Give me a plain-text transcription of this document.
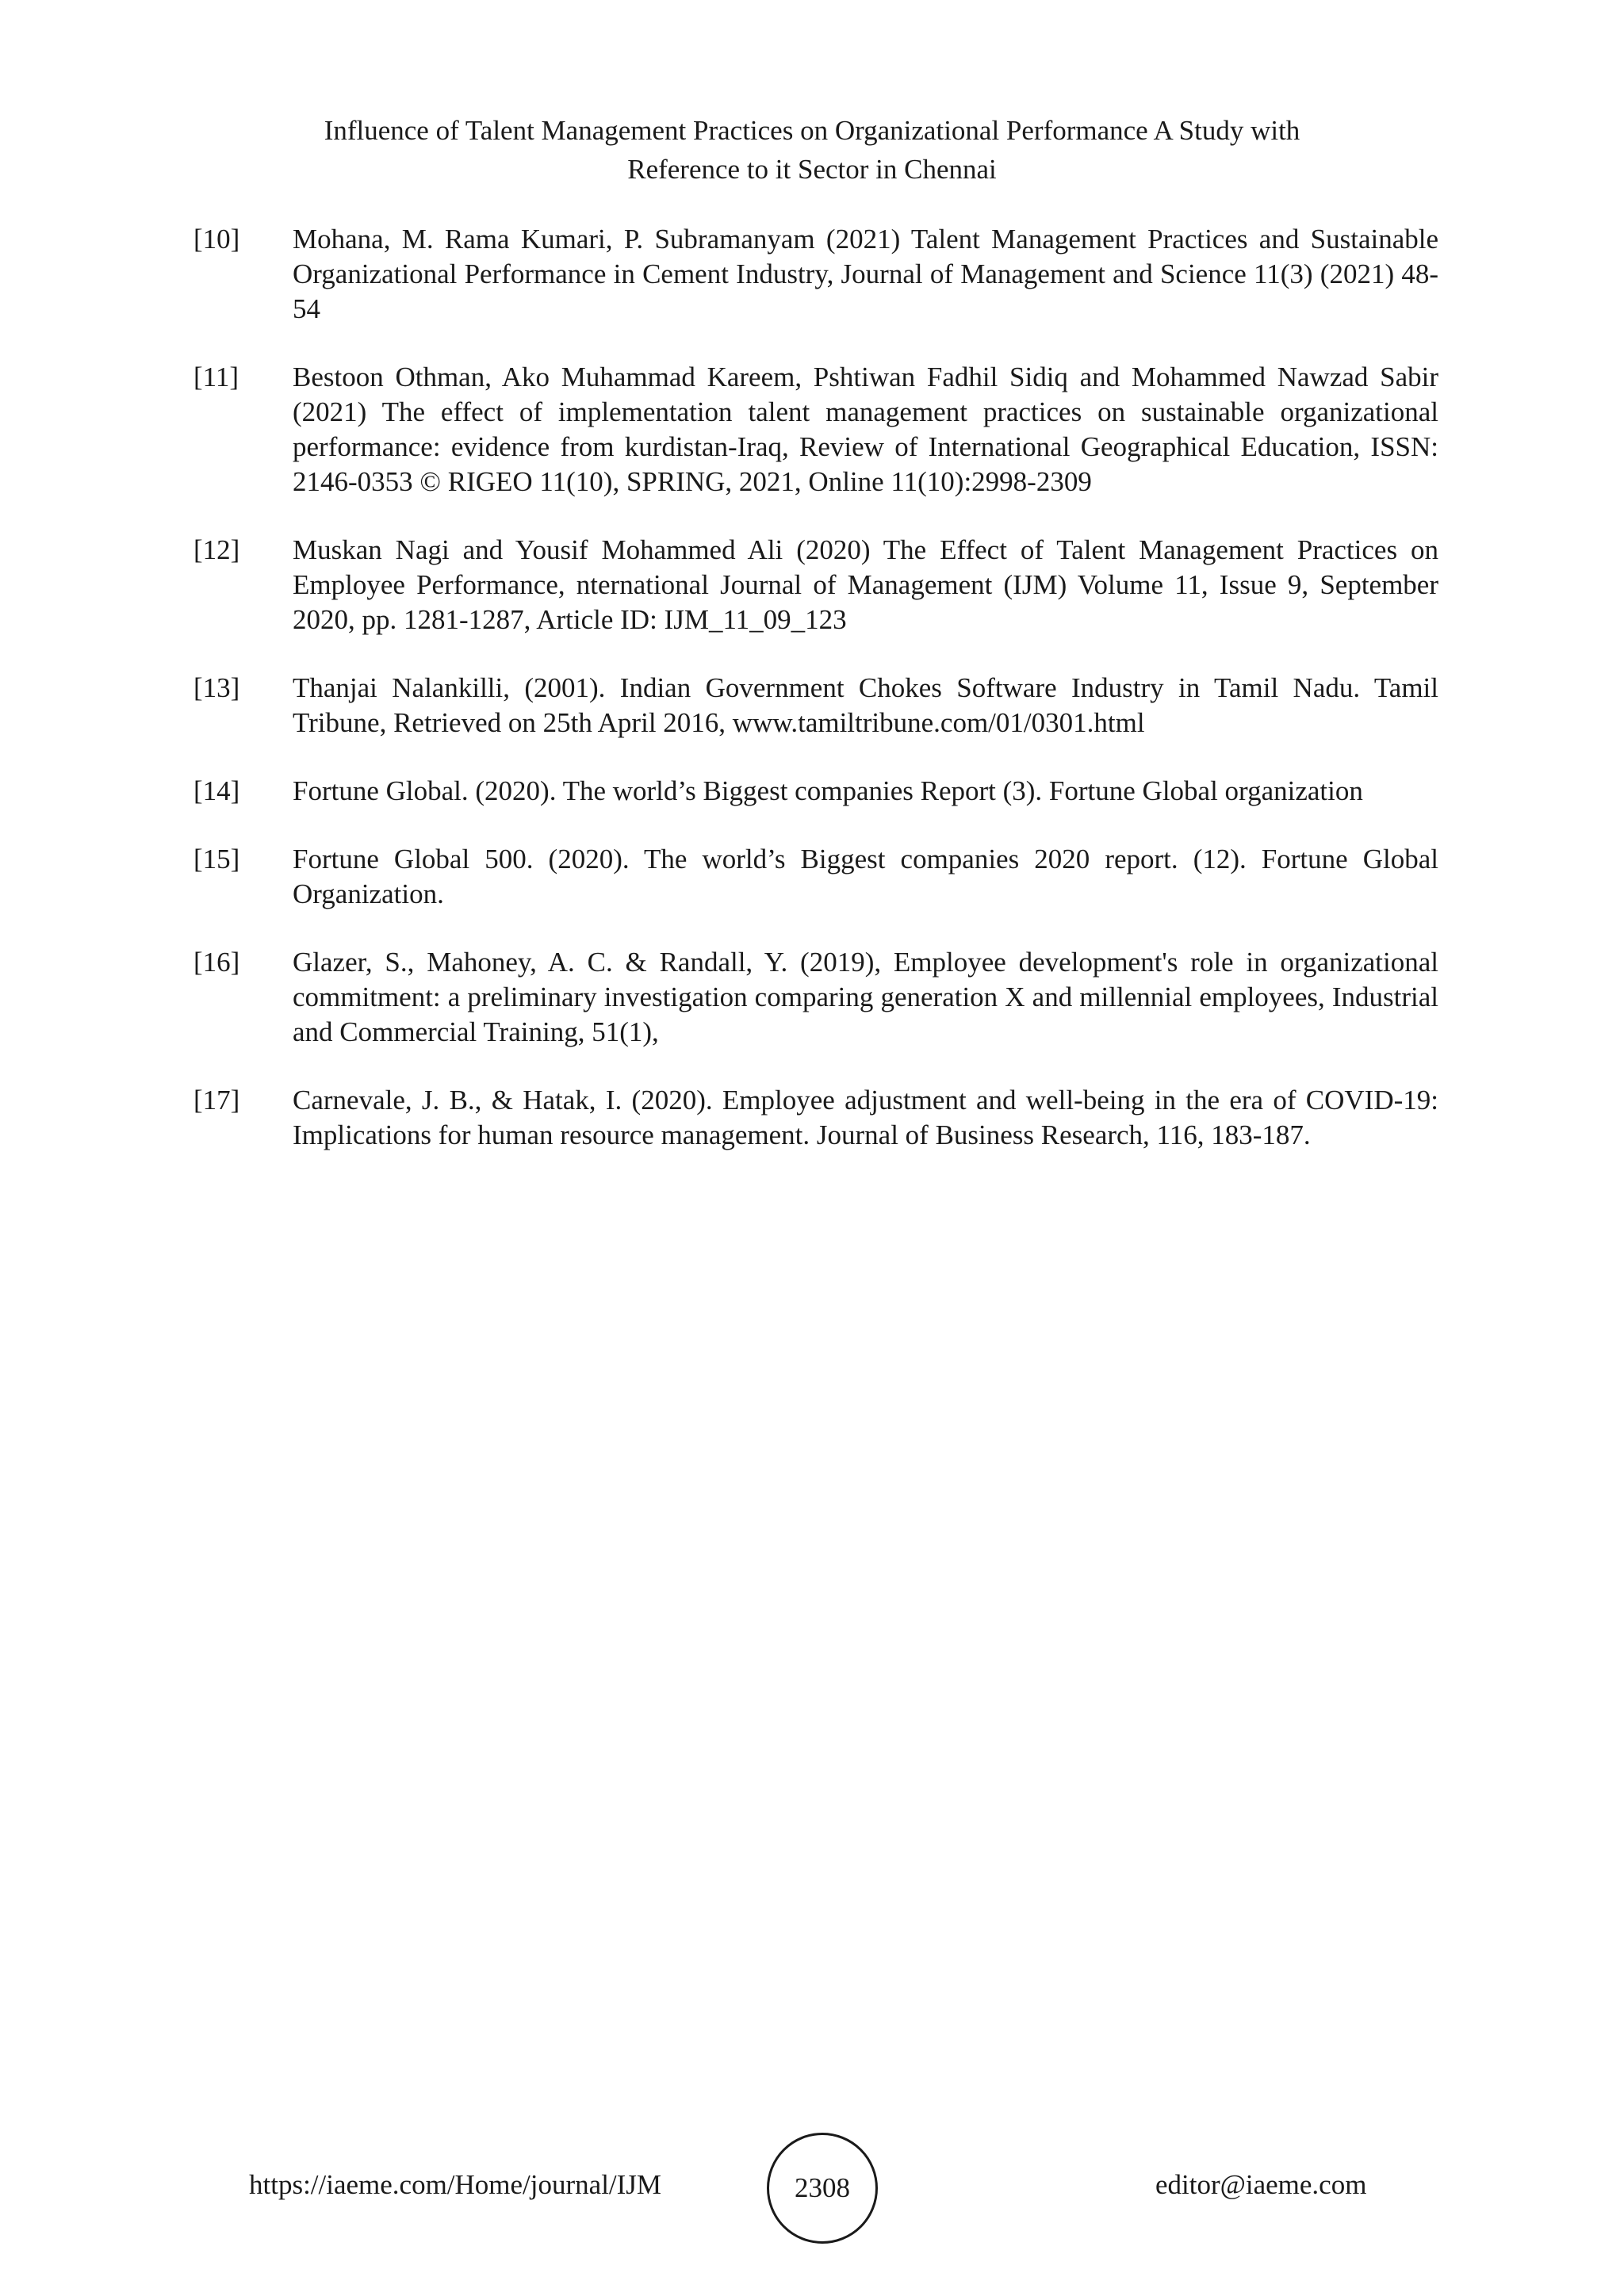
Influence of Talent Management Practices on Organizational Performance A Study with
Reference to it Sector in Chennai
[10]	Mohana, M. Rama Kumari, P. Subramanyam (2021) Talent Management Practices and Sustainable Organizational Performance in Cement Industry, Journal of Management and Science 11(3) (2021) 48-54
[11]	Bestoon Othman, Ako Muhammad Kareem, Pshtiwan Fadhil Sidiq and Mohammed Nawzad Sabir (2021) The effect of implementation talent management practices on sustainable organizational performance: evidence from kurdistan-Iraq, Review of International Geographical Education, ISSN: 2146-0353 © RIGEO 11(10), SPRING, 2021, Online 11(10):2998-2309
[12]	Muskan Nagi and Yousif Mohammed Ali (2020) The Effect of Talent Management Practices on Employee Performance, nternational Journal of Management (IJM) Volume 11, Issue 9, September 2020, pp. 1281-1287, Article ID: IJM_11_09_123
[13]	Thanjai Nalankilli, (2001). Indian Government Chokes Software Industry in Tamil Nadu. Tamil Tribune, Retrieved on 25th April 2016, www.tamiltribune.com/01/0301.html
[14]	Fortune Global. (2020). The world’s Biggest companies Report (3). Fortune Global organization
[15]	Fortune Global 500. (2020). The world’s Biggest companies 2020 report. (12). Fortune Global Organization.
[16]	Glazer, S., Mahoney, A. C. & Randall, Y. (2019), Employee development's role in organizational commitment: a preliminary investigation comparing generation X and millennial employees, Industrial and Commercial Training, 51(1),
[17]	Carnevale, J. B., & Hatak, I. (2020). Employee adjustment and well-being in the era of COVID-19: Implications for human resource management. Journal of Business Research, 116, 183-187.
https://iaeme.com/Home/journal/IJM	2308	editor@iaeme.com
